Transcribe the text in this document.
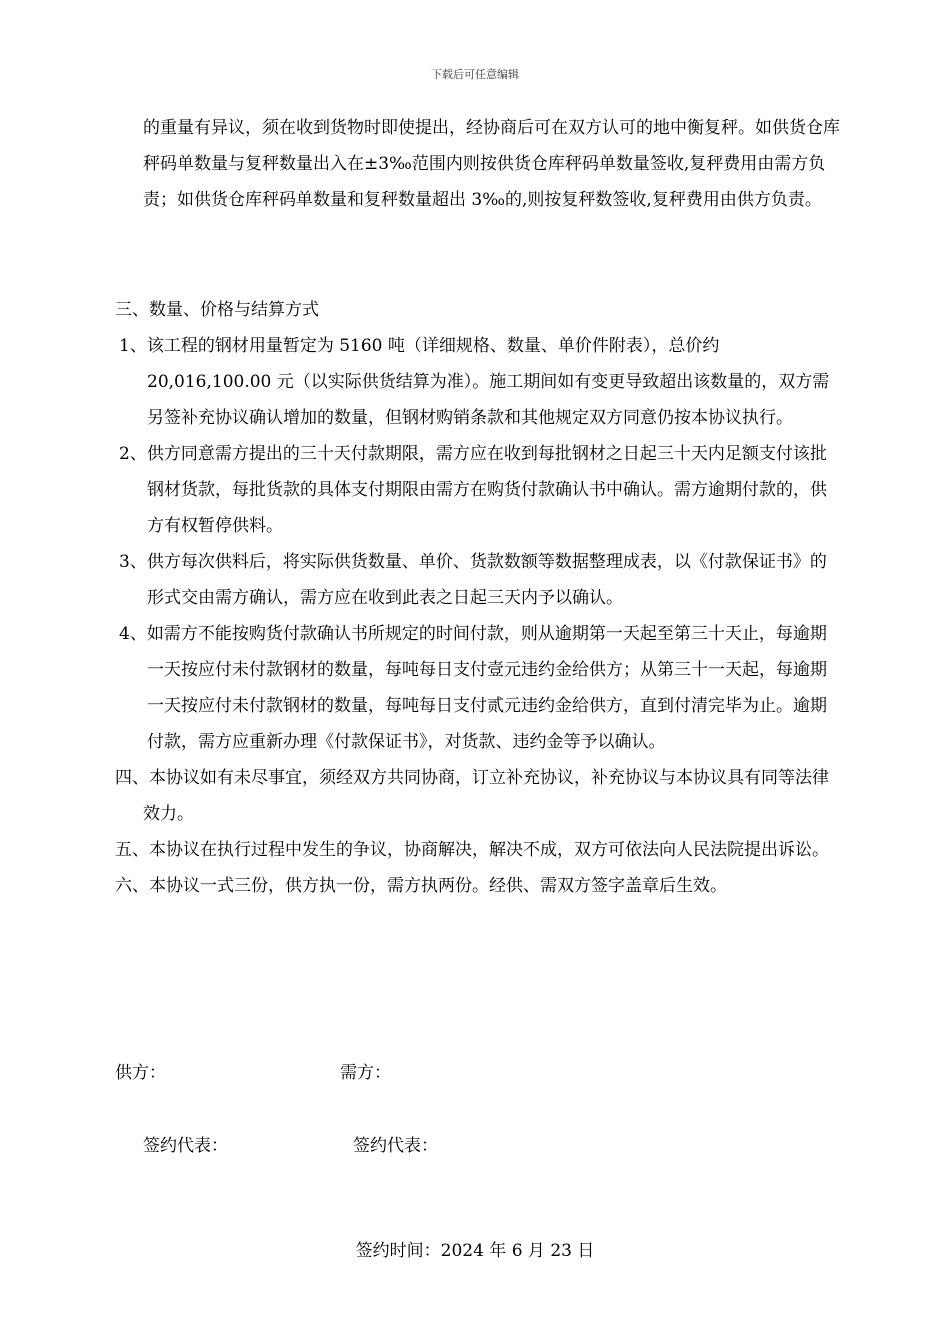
下载后可任意编辑

的重量有异议，须在收到货物时即使提出，经协商后可在双方认可的地中衡复秤。如供货仓库秤码单数量与复秤数量出入在±3‰范围内则按供货仓库秤码单数量签收,复秤费用由需方负责；如供货仓库秤码单数量和复秤数量超出 3‰的,则按复秤数签收,复秤费用由供方负责。

三、数量、价格与结算方式

1、该工程的钢材用量暂定为 5160 吨（详细规格、数量、单价件附表），总价约20,016,100.00 元（以实际供货结算为准）。施工期间如有变更导致超出该数量的，双方需另签补充协议确认增加的数量，但钢材购销条款和其他规定双方同意仍按本协议执行。

2、供方同意需方提出的三十天付款期限，需方应在收到每批钢材之日起三十天内足额支付该批钢材货款，每批货款的具体支付期限由需方在购货付款确认书中确认。需方逾期付款的，供方有权暂停供料。

3、供方每次供料后，将实际供货数量、单价、货款数额等数据整理成表，以《付款保证书》的形式交由需方确认，需方应在收到此表之日起三天内予以确认。

4、如需方不能按购货付款确认书所规定的时间付款，则从逾期第一天起至第三十天止，每逾期一天按应付未付款钢材的数量，每吨每日支付壹元违约金给供方；从第三十一天起，每逾期一天按应付未付款钢材的数量，每吨每日支付贰元违约金给供方，直到付清完毕为止。逾期付款，需方应重新办理《付款保证书》，对货款、违约金等予以确认。

四、本协议如有未尽事宜，须经双方共同协商，订立补充协议，补充协议与本协议具有同等法律效力。

五、本协议在执行过程中发生的争议，协商解决，解决不成，双方可依法向人民法院提出诉讼。

六、本协议一式三份，供方执一份，需方执两份。经供、需双方签字盖章后生效。

供方：	需方：
签约代表：	签约代表：
签约时间：2024 年 6 月 23 日
